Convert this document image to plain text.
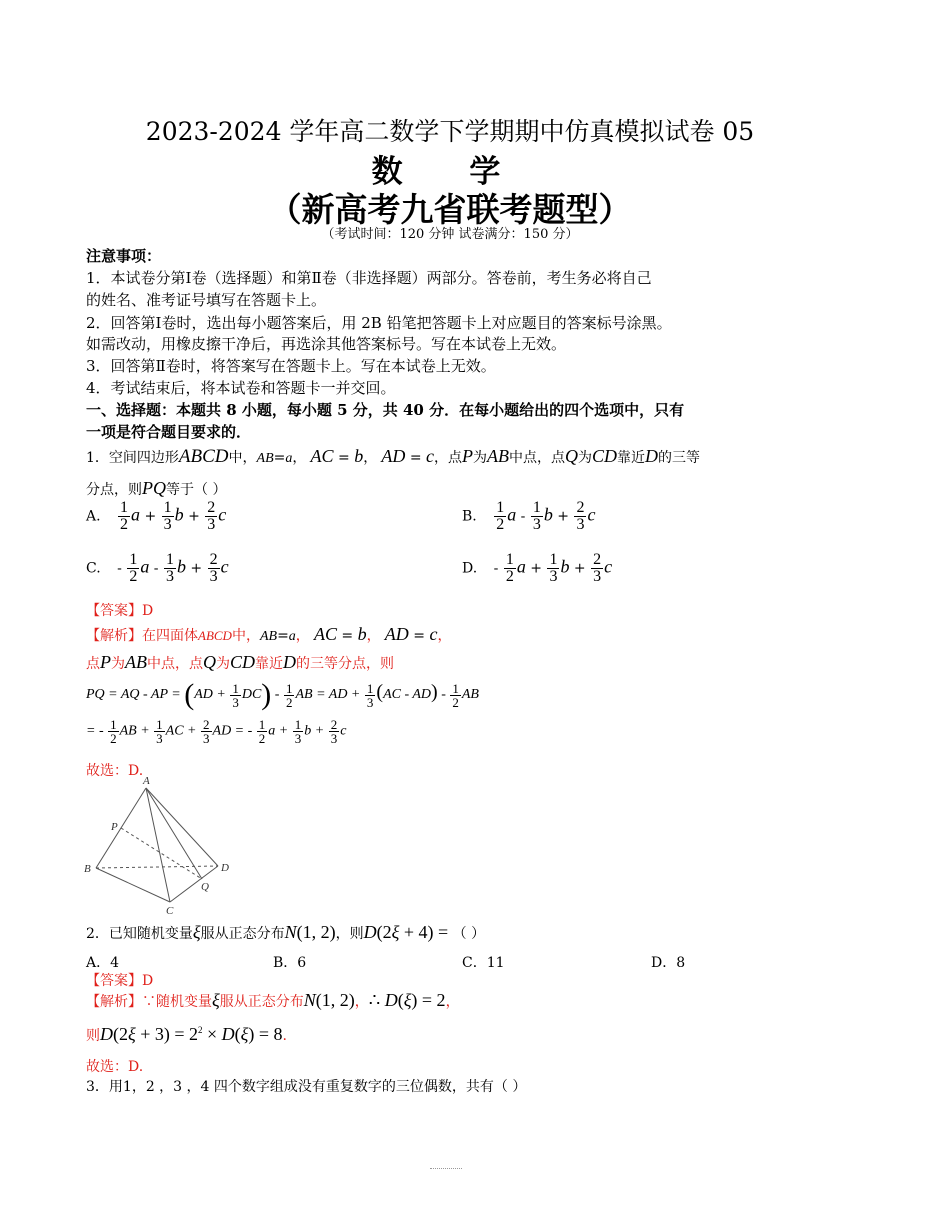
2023-2024 学年高二数学下学期期中仿真模拟试卷 05
数 学
（新高考九省联考题型）
（考试时间：120 分钟 试卷满分：150 分）
注意事项：
1．本试卷分第Ⅰ卷（选择题）和第Ⅱ卷（非选择题）两部分。答卷前，考生务必将自己
的姓名、准考证号填写在答题卡上。
2．回答第Ⅰ卷时，选出每小题答案后，用 2B 铅笔把答题卡上对应题目的答案标号涂黑。
如需改动，用橡皮擦干净后，再选涂其他答案标号。写在本试卷上无效。
3．回答第Ⅱ卷时，将答案写在答题卡上。写在本试卷上无效。
4．考试结束后，将本试卷和答题卡一并交回。
一、选择题：本题共 8 小题，每小题 5 分，共 40 分．在每小题给出的四个选项中，只有
一项是符合题目要求的．
1．空间四边形ABCD中，AB=a， AC = b， AD = c，点P为AB中点，点Q为CD靠近D的三等
分点，则PQ等于（ ）
A. $\frac{1}{2}$ $a + \frac{1}{3}$ $b + \frac{2}{3}$ c	B. $\frac{1}{2}$ a - $\frac{1}{3}$ $b + \frac{2}{3}$ c
C. - $\frac{1}{2}$ a - $\frac{1}{3}$ $b + \frac{2}{3}$ c	D. - $\frac{1}{2}$ $a + \frac{1}{3}$ $b + \frac{2}{3}$ c
【答案】D
【解析】在四面体ABCD中，AB=a， AC = b， AD = c，
点P为AB中点，点Q为CD靠近D的三等分点，则
PQ = AQ - AP = $(AD + \frac{1}{3} DC) - \frac{1}{2}$ AB = AD + $\frac{1}{3} (AC - AD) - \frac{1}{2}$ AB
= - $\frac{1}{2}$ AB + $\frac{1}{3}$ AC + $\frac{2}{3}$ AD = - $\frac{1}{2}$ $a + \frac{1}{3}$ $b + \frac{2}{3}$ c
故选：D.
A
P
B	D
Q
C
2．已知随机变量ξ服从正态分布N(1, 2)，则D(2ξ + 4) = （ ）
A．4	B．6	C．11	D．8
【答案】D
【解析】∵随机变量ξ服从正态分布N(1, 2)，∴ D(ξ) = 2，
则$D(2\xi + 3) = 2^2 \times D(\xi) = 8$.
故选：D.
3．用1，2 ，3 ，4 四个数字组成没有重复数字的三位偶数，共有（ ）
